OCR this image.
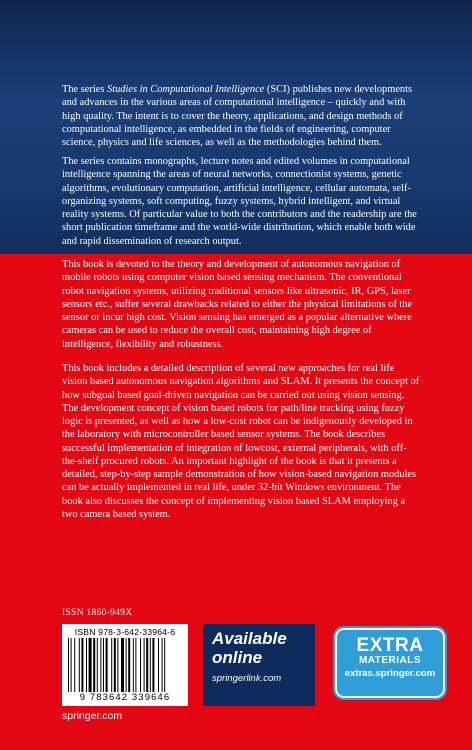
The series Studies in Computational Intelligence (SCI) publishes new developments and advances in the various areas of computational intelligence – quickly and with high quality. The intent is to cover the theory, applications, and design methods of computational intelligence, as embedded in the fields of engineering, computer science, physics and life sciences, as well as the methodologies behind them.

The series contains monographs, lecture notes and edited volumes in computational intelligence spanning the areas of neural networks, connectionist systems, genetic algorithms, evolutionary computation, artificial intelligence, cellular automata, self-organizing systems, soft computing, fuzzy systems, hybrid intelligent, and virtual reality systems. Of particular value to both the contributors and the readership are the short publication timeframe and the world-wide distribution, which enable both wide and rapid dissemination of research output.

This book is devoted to the theory and development of autonomous navigation of mobile robots using computer vision based sensing mechanism. The conventional robot navigation systems, utilizing traditional sensors like ultrasonic, IR, GPS, laser sensors etc., suffer several drawbacks related to either the physical limitations of the sensor or incur high cost. Vision sensing has emerged as a popular alternative where cameras can be used to reduce the overall cost, maintaining high degree of intelligence, flexibility and robustness.

This book includes a detailed description of several new approaches for real life vision based autonomous navigation algorithms and SLAM. It presents the concept of how subgoal based goal-driven navigation can be carried out using vision sensing. The development concept of vision based robots for path/line tracking using fuzzy logic is presented, as well as how a low-cost robot can be indigenously developed in the laboratory with microcontroller based sensor systems. The book describes successful implementation of integration of lowcost, external peripherals, with off-the-shelf procured robots. An important highlight of the book is that it presents a detailed, step-by-step sample demonstration of how vision-based navigation modules can be actually implemented in real life, under 32-bit Windows environment. The book also discusses the concept of implementing vision based SLAM employing a two camera based system.

ISSN 1860-949X
ISBN 978-3-642-33964-6
9 783642 339646
Available
online
springerlink.com
EXTRA
MATERIALS
extras.springer.com
springer.com
